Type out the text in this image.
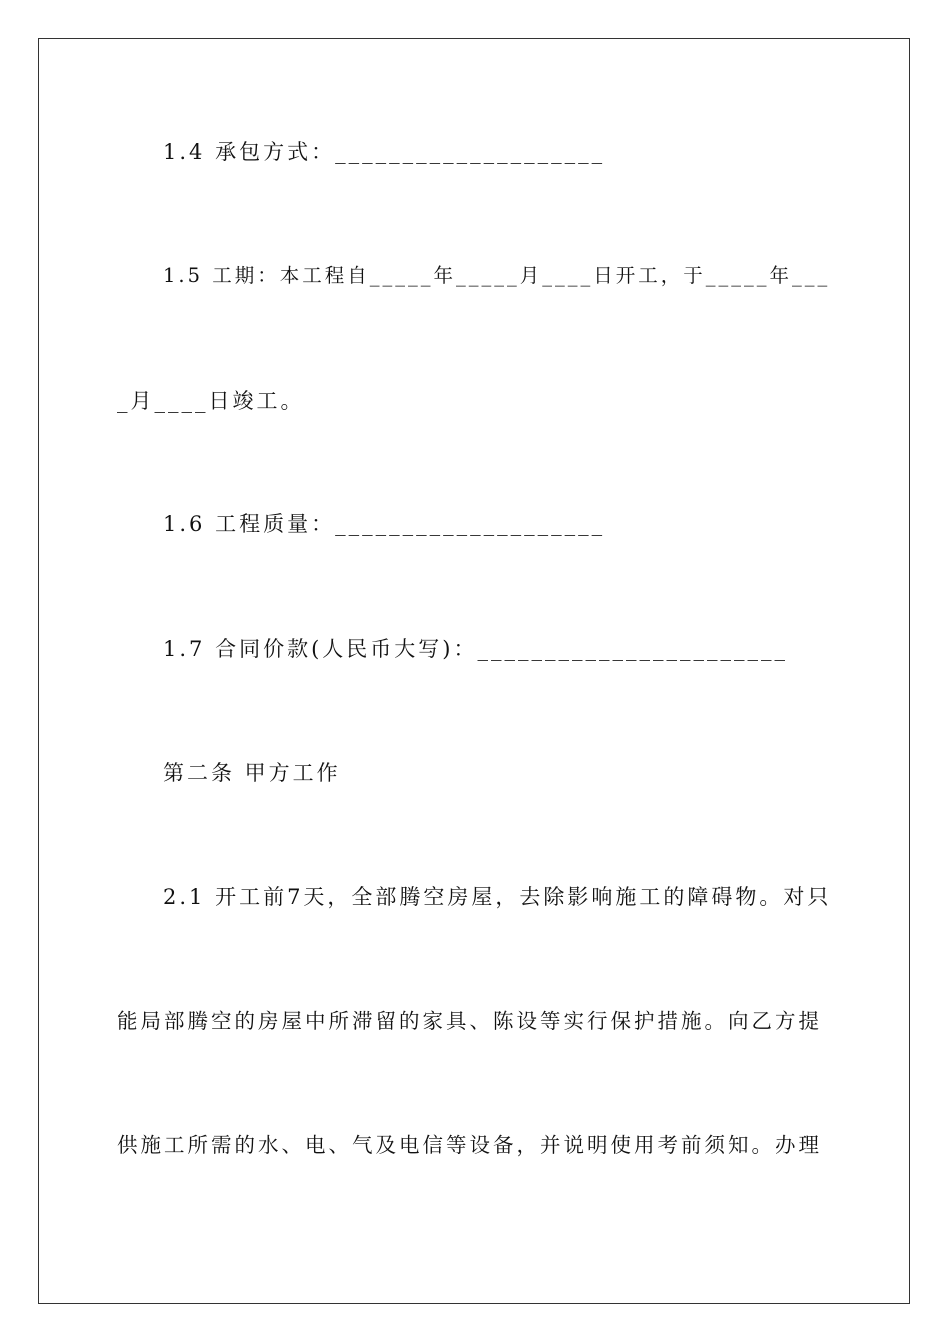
1.4 承包方式：____________________
1.5 工期：本工程自_____年_____月____日开工，于_____年___
_月____日竣工。
1.6 工程质量：____________________
1.7 合同价款(人民币大写)：_______________________
第二条 甲方工作
2.1 开工前7天，全部腾空房屋，去除影响施工的障碍物。对只
能局部腾空的房屋中所滞留的家具、陈设等实行保护措施。向乙方提
供施工所需的水、电、气及电信等设备，并说明使用考前须知。办理
